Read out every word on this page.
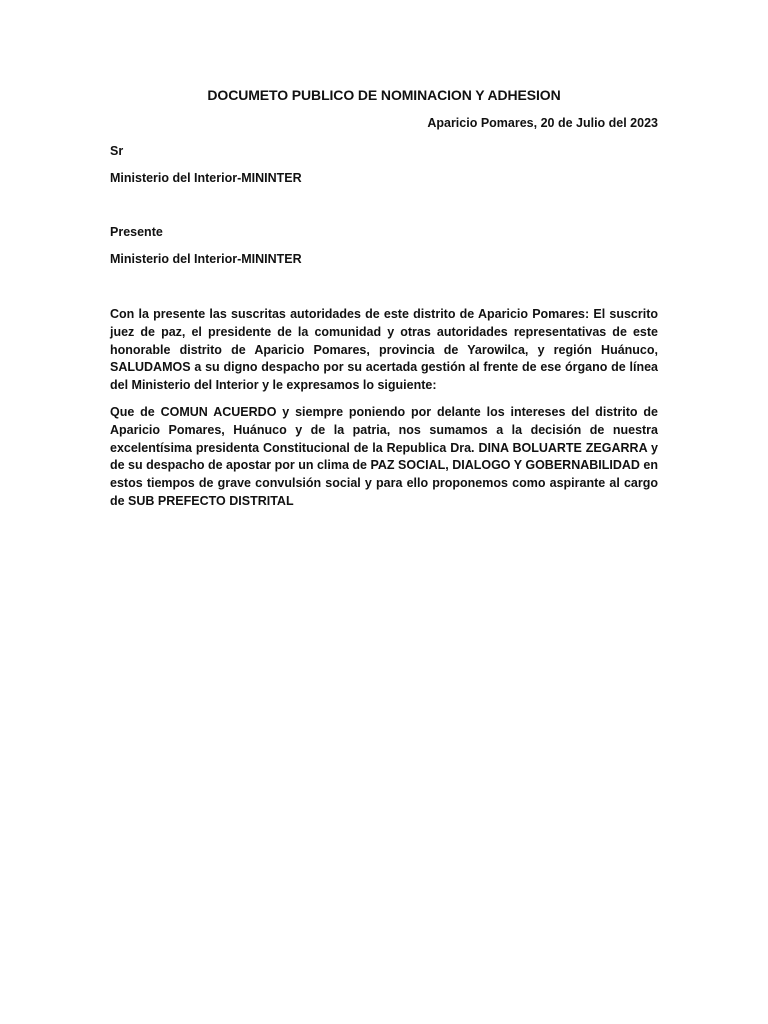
DOCUMETO PUBLICO DE NOMINACION Y ADHESION

Aparicio Pomares, 20 de Julio del 2023

Sr

Ministerio del Interior-MININTER

Presente

Ministerio del Interior-MININTER

Con la presente las suscritas autoridades de este distrito de Aparicio Pomares: El suscrito juez de paz, el presidente de la comunidad y otras autoridades representativas de este honorable distrito de Aparicio Pomares, provincia de Yarowilca, y región Huánuco, SALUDAMOS a su digno despacho por su acertada gestión al frente de ese órgano de línea del Ministerio del Interior y le expresamos lo siguiente:

Que de COMUN ACUERDO y siempre poniendo por delante los intereses del distrito de Aparicio Pomares, Huánuco y de la patria, nos sumamos a la decisión de nuestra excelentísima presidenta Constitucional de la Republica Dra. DINA BOLUARTE ZEGARRA y de su despacho de apostar por un clima de PAZ SOCIAL, DIALOGO Y GOBERNABILIDAD en estos tiempos de grave convulsión social y para ello proponemos como aspirante al cargo de SUB PREFECTO DISTRITAL
